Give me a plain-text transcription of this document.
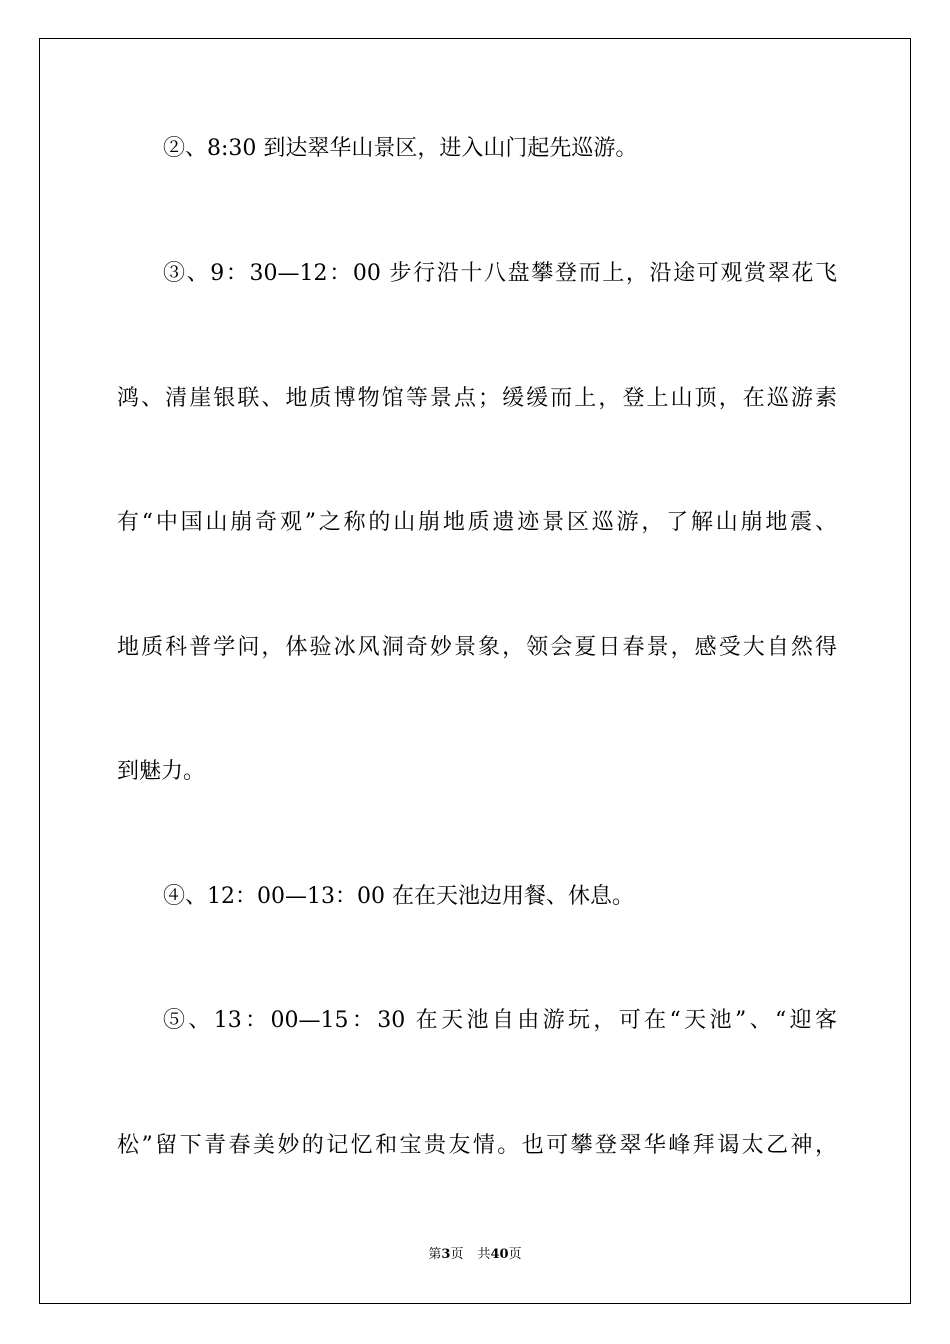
②、8:30 到达翠华山景区，进入山门起先巡游。
③、9：30—12：00 步行沿十八盘攀登而上，沿途可观赏翠花飞
鸿、清崖银联、地质博物馆等景点；缓缓而上，登上山顶，在巡游素
有“中国山崩奇观”之称的山崩地质遗迹景区巡游，了解山崩地震、
地质科普学问，体验冰风洞奇妙景象，领会夏日春景，感受大自然得
到魅力。
④、12：00—13：00 在在天池边用餐、休息。
⑤、13：00—15：30 在天池自由游玩，可在“天池”、“迎客
松”留下青春美妙的记忆和宝贵友情。也可攀登翠华峰拜谒太乙神，
第3页 共40页
